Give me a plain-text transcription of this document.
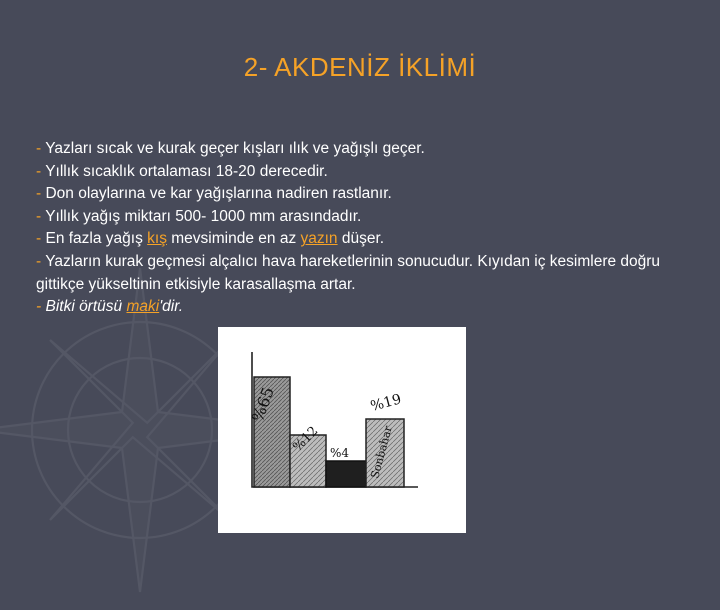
2- AKDENİZ İKLİMİ

- Yazları sıcak ve kurak geçer kışları ılık ve yağışlı geçer.

- Yıllık sıcaklık ortalaması 18-20 derecedir.

- Don olaylarına ve kar yağışlarına nadiren rastlanır.

- Yıllık yağış miktarı 500- 1000 mm arasındadır.

- En fazla yağış kış mevsiminde en az yazın düşer.

- Yazların kurak geçmesi alçalıcı hava hareketlerinin sonucudur. Kıyıdan iç kesimlere doğru gittikçe yükseltinin etkisiyle karasallaşma artar.

- Bitki örtüsü maki'dir.

%65
%12 %4
%19
Sonbahar
